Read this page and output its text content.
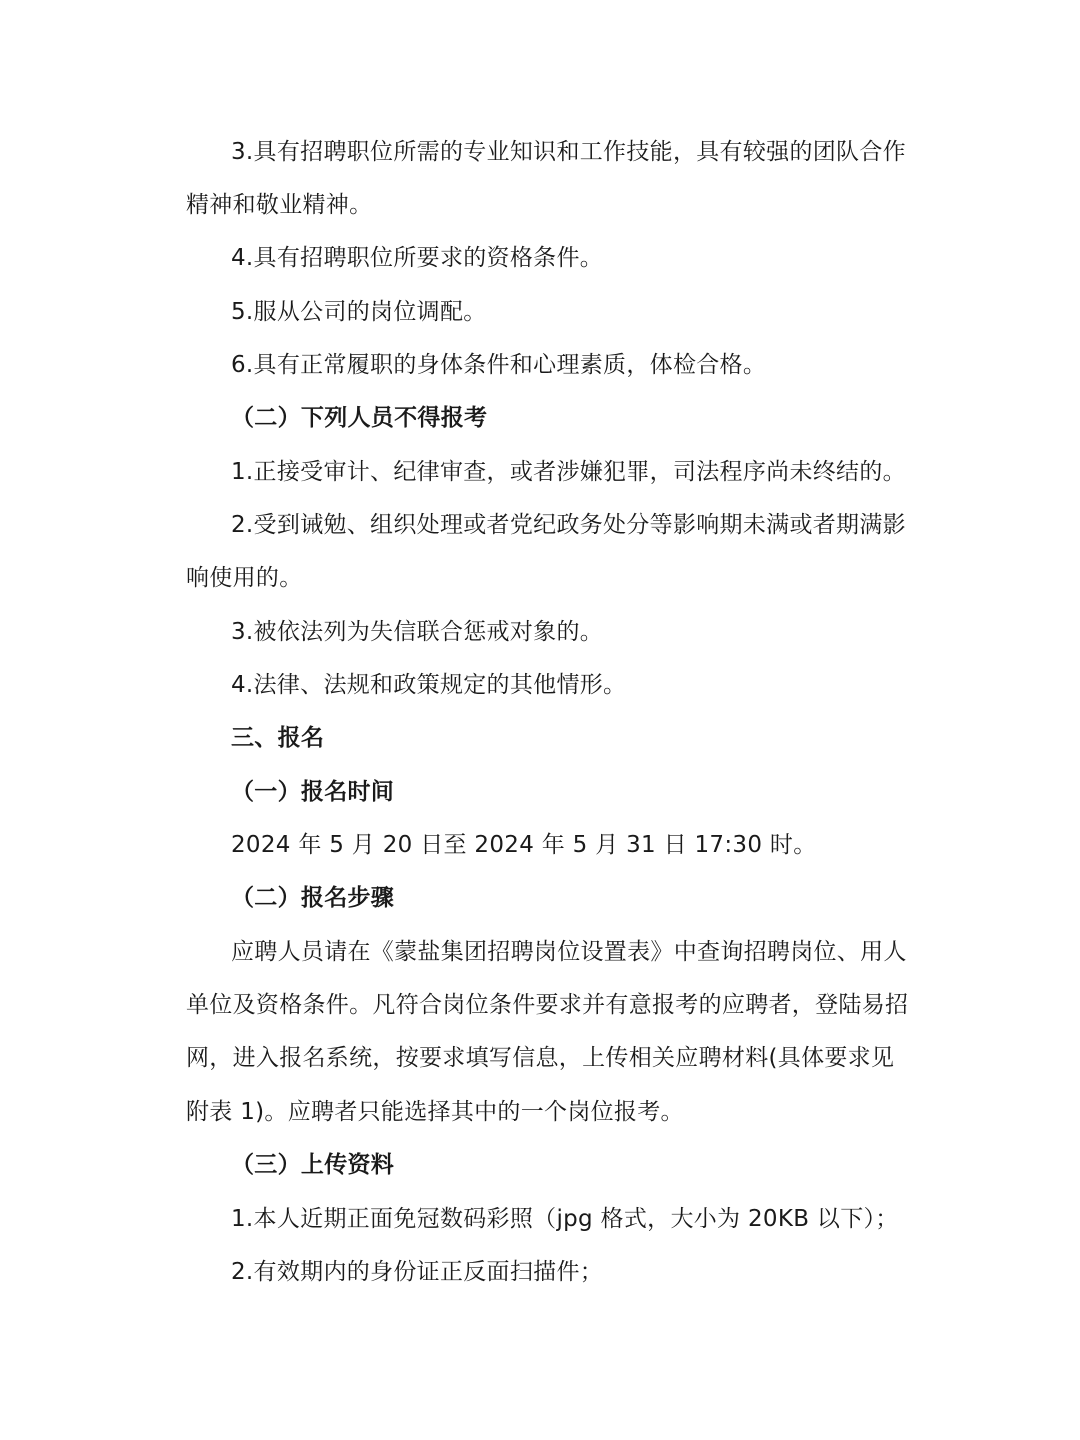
3.具有招聘职位所需的专业知识和工作技能，具有较强的团队合作
精神和敬业精神。
4.具有招聘职位所要求的资格条件。
5.服从公司的岗位调配。
6.具有正常履职的身体条件和心理素质，体检合格。
（二）下列人员不得报考
1.正接受审计、纪律审查，或者涉嫌犯罪，司法程序尚未终结的。
2.受到诫勉、组织处理或者党纪政务处分等影响期未满或者期满影
响使用的。
3.被依法列为失信联合惩戒对象的。
4.法律、法规和政策规定的其他情形。
三、报名
（一）报名时间
2024 年 5 月 20 日至 2024 年 5 月 31 日 17:30 时。
（二）报名步骤
应聘人员请在《蒙盐集团招聘岗位设置表》中查询招聘岗位、用人
单位及资格条件。凡符合岗位条件要求并有意报考的应聘者，登陆易招
网，进入报名系统，按要求填写信息，上传相关应聘材料(具体要求见
附表 1)。应聘者只能选择其中的一个岗位报考。
（三）上传资料
1.本人近期正面免冠数码彩照（jpg 格式，大小为 20KB 以下）；
2.有效期内的身份证正反面扫描件；
